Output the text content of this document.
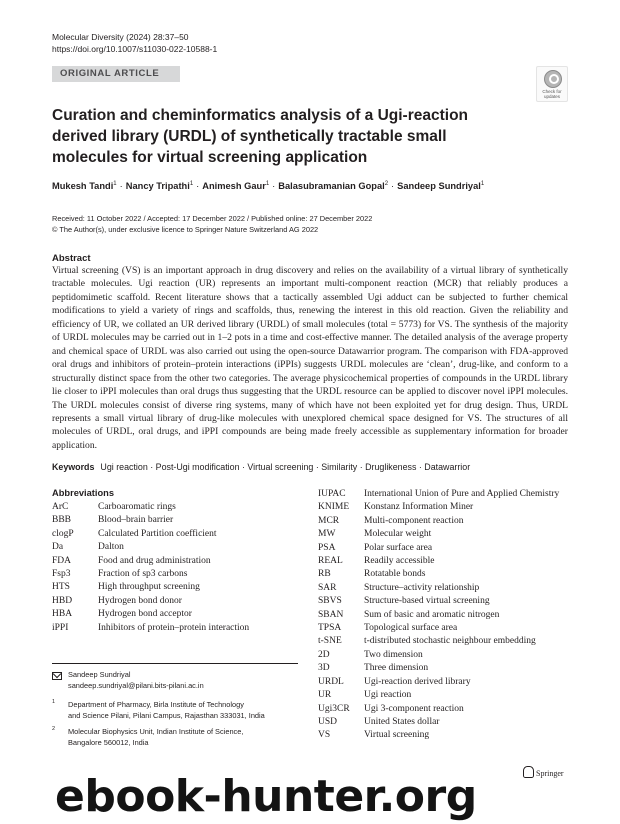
Molecular Diversity (2024) 28:37–50
https://doi.org/10.1007/s11030-022-10588-1
ORIGINAL ARTICLE
Check for
updates
Curation and cheminformatics analysis of a Ugi-reaction derived library (URDL) of synthetically tractable small molecules for virtual screening application
Mukesh Tandi$^1$ · Nancy Tripathi$^1$ · Animesh Gaur$^1$ · Balasubramanian Gopal$^2$ · Sandeep Sundriyal$^1$
Received: 11 October 2022 / Accepted: 17 December 2022 / Published online: 27 December 2022
© The Author(s), under exclusive licence to Springer Nature Switzerland AG 2022
Abstract

Virtual screening (VS) is an important approach in drug discovery and relies on the availability of a virtual library of synthetically tractable molecules. Ugi reaction (UR) represents an important multi-component reaction (MCR) that reliably produces a peptidomimetic scaffold. Recent literature shows that a tactically assembled Ugi adduct can be subjected to further chemical modifications to yield a variety of rings and scaffolds, thus, renewing the interest in this old reaction. Given the reliability and efficiency of UR, we collated an UR derived library (URDL) of small molecules (total = 5773) for VS. The synthesis of the majority of URDL molecules may be carried out in 1–2 pots in a time and cost-effective manner. The detailed analysis of the average property and chemical space of URDL was also carried out using the open-source Datawarrior program. The comparison with FDA-approved oral drugs and inhibitors of protein–protein interactions (iPPIs) suggests URDL molecules are ‘clean’, drug-like, and conform to a structurally distinct space from the other two categories. The average physicochemical properties of compounds in the URDL library lie closer to iPPI molecules than oral drugs thus suggesting that the URDL resource can be applied to discover novel iPPI molecules. The URDL molecules consist of diverse ring systems, many of which have not been exploited yet for drug design. Thus, URDL represents a small virtual library of drug-like molecules with unexplored chemical space designed for VS. The structures of all molecules of URDL, oral drugs, and iPPI compounds are being made freely accessible as supplementary information for broader application.

Keywords Ugi reaction · Post-Ugi modification · Virtual screening · Similarity · Druglikeness · Datawarrior
Abbreviations
ArC	Carboaromatic rings
BBB	Blood–brain barrier
clogP	Calculated Partition coefficient
Da	Dalton
FDA	Food and drug administration
Fsp3	Fraction of sp3 carbons
HTS	High throughput screening
HBD	Hydrogen bond donor
HBA	Hydrogen bond acceptor
iPPI	Inhibitors of protein–protein interaction
IUPAC International Union of Pure and Applied Chemistry
KNIME Konstanz Information Miner
MCR	Multi-component reaction
MW	Molecular weight
PSA	Polar surface area
REAL Readily accessible
RB	Rotatable bonds
SAR	Structure–activity relationship
SBVS Structure-based virtual screening
SBAN Sum of basic and aromatic nitrogen
TPSA Topological surface area
t-SNE t-distributed stochastic neighbour embedding
2D	Two dimension
3D	Three dimension
URDL Ugi-reaction derived library
UR	Ugi reaction
Ugi3CR Ugi 3-component reaction
USD	United States dollar
VS	Virtual screening
Sandeep Sundriyal
sandeep.sundriyal@pilani.bits-pilani.ac.in
1 Department of Pharmacy, Birla Institute of Technology
and Science Pilani, Pilani Campus, Rajasthan 333031, India
2 Molecular Biophysics Unit, Indian Institute of Science,
Bangalore 560012, India
Springer
ebook-hunter.org
